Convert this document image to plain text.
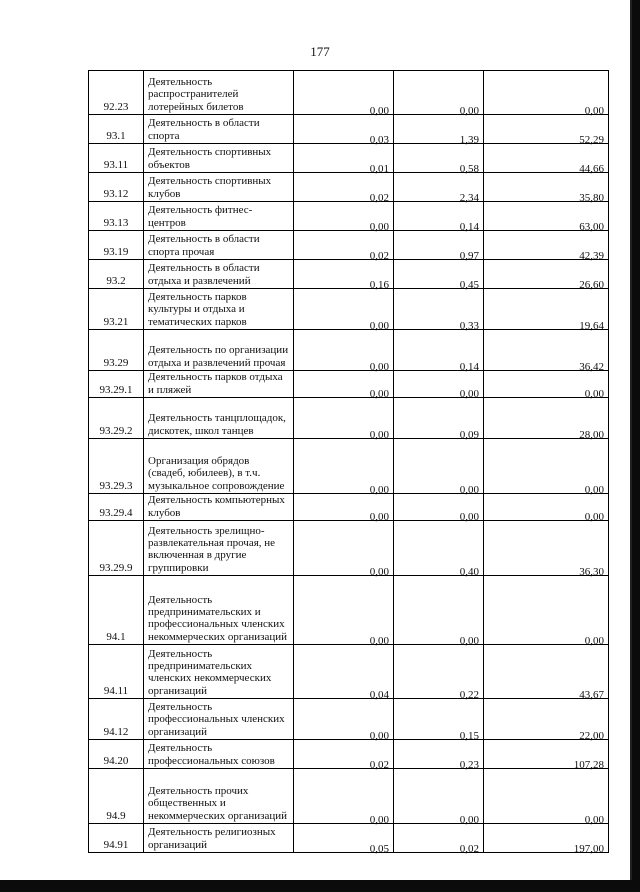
177
92.23	Деятельность распространителей лотерейных билетов	0,00	0,00	0,00
93.1	Деятельность в области спорта	0,03	1,39	52,29
93.11	Деятельность спортивных объектов	0,01	0,58	44,66
93.12	Деятельность спортивных клубов	0,02	2,34	35,80
93.13	Деятельность фитнес-центров	0,00	0,14	63,00
93.19	Деятельность в области спорта прочая	0,02	0,97	42,39
93.2	Деятельность в области отдыха и развлечений	0,16	0,45	26,60
93.21	Деятельность парков культуры и отдыха и тематических парков	0,00	0,33	19,64
93.29	Деятельность по организации отдыха и развлечений прочая	0,00	0,14	36,42
93.29.1	Деятельность парков отдыха и пляжей	0,00	0,00	0,00
93.29.2	Деятельность танцплощадок, дискотек, школ танцев	0,00	0,09	28,00
93.29.3	Организация обрядов (свадеб, юбилеев), в т.ч. музыкальное сопровождение	0,00	0,00	0,00
93.29.4	Деятельность компьютерных клубов	0,00	0,00	0,00
93.29.9	Деятельность зрелищно-развлекательная прочая, не включенная в другие группировки	0,00	0,40	36,30
94.1	Деятельность предпринимательских и профессиональных членских некоммерческих организаций	0,00	0,00	0,00
94.11	Деятельность предпринимательских членских некоммерческих организаций	0,04	0,22	43,67
94.12	Деятельность профессиональных членских организаций	0,00	0,15	22,00
94.20	Деятельность профессиональных союзов	0,02	0,23	107,28
94.9	Деятельность прочих общественных и некоммерческих организаций	0,00	0,00	0,00
94.91	Деятельность религиозных организаций	0,05	0,02	197,00
